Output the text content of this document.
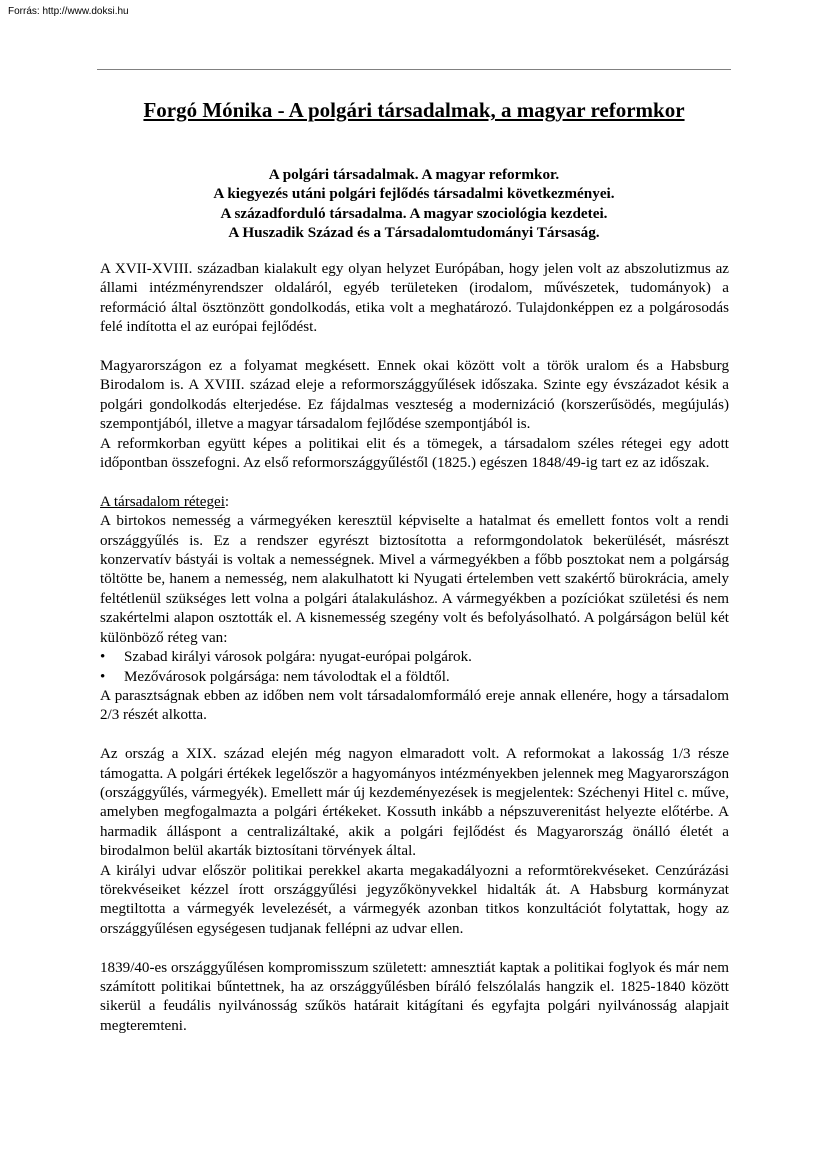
Forrás: http://www.doksi.hu
Forgó Mónika - A polgári társadalmak, a magyar reformkor
A polgári társadalmak. A magyar reformkor.
A kiegyezés utáni polgári fejlődés társadalmi következményei.
A századforduló társadalma. A magyar szociológia kezdetei.
A Huszadik Század és a Társadalomtudományi Társaság.

A XVII-XVIII. században kialakult egy olyan helyzet Európában, hogy jelen volt az abszolutizmus az állami intézményrendszer oldaláról, egyéb területeken (irodalom, művészetek, tudományok) a reformáció által ösztönzött gondolkodás, etika volt a meghatározó. Tulajdonképpen ez a polgárosodás felé indította el az európai fejlődést.

Magyarországon ez a folyamat megkésett. Ennek okai között volt a török uralom és a Habsburg Birodalom is. A XVIII. század eleje a reformországgyűlések időszaka. Szinte egy évszázadot késik a polgári gondolkodás elterjedése. Ez fájdalmas veszteség a modernizáció (korszerűsödés, megújulás) szempontjából, illetve a magyar társadalom fejlődése szempontjából is.

A reformkorban együtt képes a politikai elit és a tömegek, a társadalom széles rétegei egy adott időpontban összefogni. Az első reformországgyűléstől (1825.) egészen 1848/49-ig tart ez az időszak.

A társadalom rétegei:

A birtokos nemesség a vármegyéken keresztül képviselte a hatalmat és emellett fontos volt a rendi országgyűlés is. Ez a rendszer egyrészt biztosította a reformgondolatok bekerülését, másrészt konzervatív bástyái is voltak a nemességnek. Mivel a vármegyékben a főbb posztokat nem a polgárság töltötte be, hanem a nemesség, nem alakulhatott ki Nyugati értelemben vett szakértő bürokrácia, amely feltétlenül szükséges lett volna a polgári átalakuláshoz. A vármegyékben a pozíciókat születési és nem szakértelmi alapon osztották el. A kisnemesség szegény volt és befolyásolható. A polgárságon belül két különböző réteg van:

• Szabad királyi városok polgára: nyugat-európai polgárok.
• Mezővárosok polgársága: nem távolodtak el a földtől.

A parasztságnak ebben az időben nem volt társadalomformáló ereje annak ellenére, hogy a társadalom 2/3 részét alkotta.

Az ország a XIX. század elején még nagyon elmaradott volt. A reformokat a lakosság 1/3 része támogatta. A polgári értékek legelőször a hagyományos intézményekben jelennek meg Magyarországon (országgyűlés, vármegyék). Emellett már új kezdeményezések is megjelentek: Széchenyi Hitel c. műve, amelyben megfogalmazta a polgári értékeket. Kossuth inkább a népszuverenitást helyezte előtérbe. A harmadik álláspont a centralizáltaké, akik a polgári fejlődést és Magyarország önálló életét a birodalmon belül akarták biztosítani törvények által.

A királyi udvar először politikai perekkel akarta megakadályozni a reformtörekvéseket. Cenzúrázási törekvéseiket kézzel írott országgyűlési jegyzőkönyvekkel hidalták át. A Habsburg kormányzat megtiltotta a vármegyék levelezését, a vármegyék azonban titkos konzultációt folytattak, hogy az országgyűlésen egységesen tudjanak fellépni az udvar ellen.

1839/40-es országgyűlésen kompromisszum született: amnesztiát kaptak a politikai foglyok és már nem számított politikai bűntettnek, ha az országgyűlésben bíráló felszólalás hangzik el. 1825-1840 között sikerül a feudális nyilvánosság szűkös határait kitágítani és egyfajta polgári nyilvánosság alapjait megteremteni.
